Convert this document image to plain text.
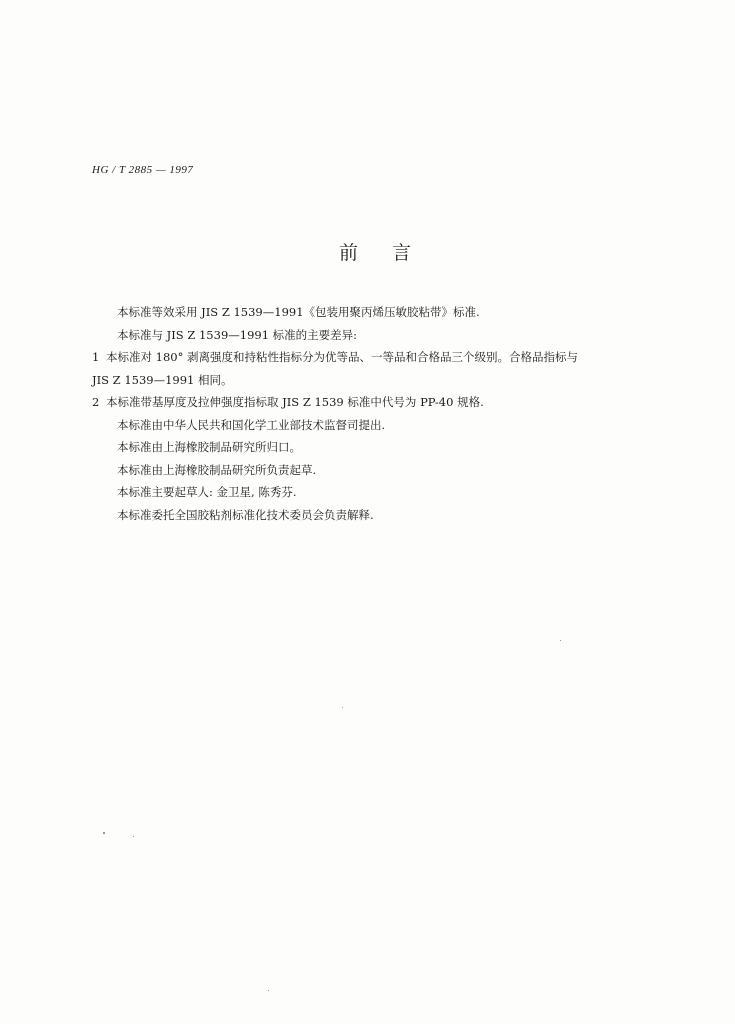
HG / T 2885 — 1997
前 言
本标准等效采用 JIS Z 1539—1991《包装用聚丙烯压敏胶粘带》标准.
本标准与 JIS Z 1539—1991 标准的主要差异:
1 本标准对 180° 剥离强度和持粘性指标分为优等品、一等品和合格品三个级别。合格品指标与
JIS Z 1539—1991 相同。
2 本标准带基厚度及拉伸强度指标取 JIS Z 1539 标准中代号为 PP-40 规格.
本标准由中华人民共和国化学工业部技术监督司提出.
本标准由上海橡胶制品研究所归口。
本标准由上海橡胶制品研究所负责起草.
本标准主要起草人: 金卫星, 陈秀芬.
本标准委托全国胶粘剂标准化技术委员会负责解释.
